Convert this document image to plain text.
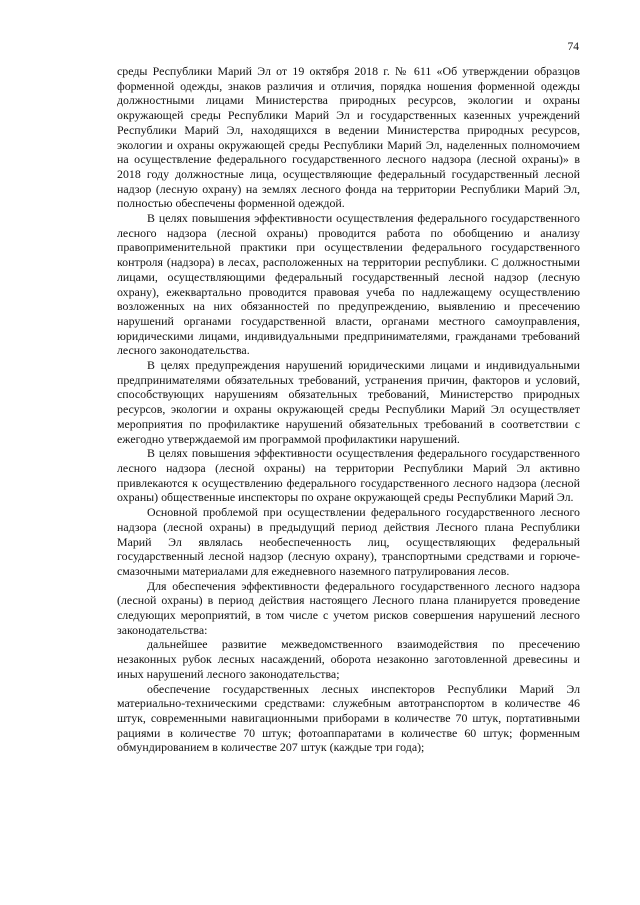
74

среды Республики Марий Эл от 19 октября 2018 г. № 611 «Об утверждении образцов форменной одежды, знаков различия и отличия, порядка ношения форменной одежды должностными лицами Министерства природных ресурсов, экологии и охраны окружающей среды Республики Марий Эл и государственных казенных учреждений Республики Марий Эл, находящихся в ведении Министерства природных ресурсов, экологии и охраны окружающей среды Республики Марий Эл, наделенных полномочием на осуществление федерального государственного лесного надзора (лесной охраны)» в 2018 году должностные лица, осуществляющие федеральный государственный лесной надзор (лесную охрану) на землях лесного фонда на территории Республики Марий Эл, полностью обеспечены форменной одеждой.

В целях повышения эффективности осуществления федерального государственного лесного надзора (лесной охраны) проводится работа по обобщению и анализу правоприменительной практики при осуществлении федерального государственного контроля (надзора) в лесах, расположенных на территории республики. С должностными лицами, осуществляющими федеральный государственный лесной надзор (лесную охрану), ежеквартально проводится правовая учеба по надлежащему осуществлению возложенных на них обязанностей по предупреждению, выявлению и пресечению нарушений органами государственной власти, органами местного самоуправления, юридическими лицами, индивидуальными предпринимателями, гражданами требований лесного законодательства.

В целях предупреждения нарушений юридическими лицами и индивидуальными предпринимателями обязательных требований, устранения причин, факторов и условий, способствующих нарушениям обязательных требований, Министерство природных ресурсов, экологии и охраны окружающей среды Республики Марий Эл осуществляет мероприятия по профилактике нарушений обязательных требований в соответствии с ежегодно утверждаемой им программой профилактики нарушений.

В целях повышения эффективности осуществления федерального государственного лесного надзора (лесной охраны) на территории Республики Марий Эл активно привлекаются к осуществлению федерального государственного лесного надзора (лесной охраны) общественные инспекторы по охране окружающей среды Республики Марий Эл.

Основной проблемой при осуществлении федерального государственного лесного надзора (лесной охраны) в предыдущий период действия Лесного плана Республики Марий Эл являлась необеспеченность лиц, осуществляющих федеральный государственный лесной надзор (лесную охрану), транспортными средствами и горюче-смазочными материалами для ежедневного наземного патрулирования лесов.

Для обеспечения эффективности федерального государственного лесного надзора (лесной охраны) в период действия настоящего Лесного плана планируется проведение следующих мероприятий, в том числе с учетом рисков совершения нарушений лесного законодательства:

дальнейшее развитие межведомственного взаимодействия по пресечению незаконных рубок лесных насаждений, оборота незаконно заготовленной древесины и иных нарушений лесного законодательства;

обеспечение государственных лесных инспекторов Республики Марий Эл материально-техническими средствами: служебным автотранспортом в количестве 46 штук, современными навигационными приборами в количестве 70 штук, портативными рациями в количестве 70 штук; фотоаппаратами в количестве 60 штук; форменным обмундированием в количестве 207 штук (каждые три года);
